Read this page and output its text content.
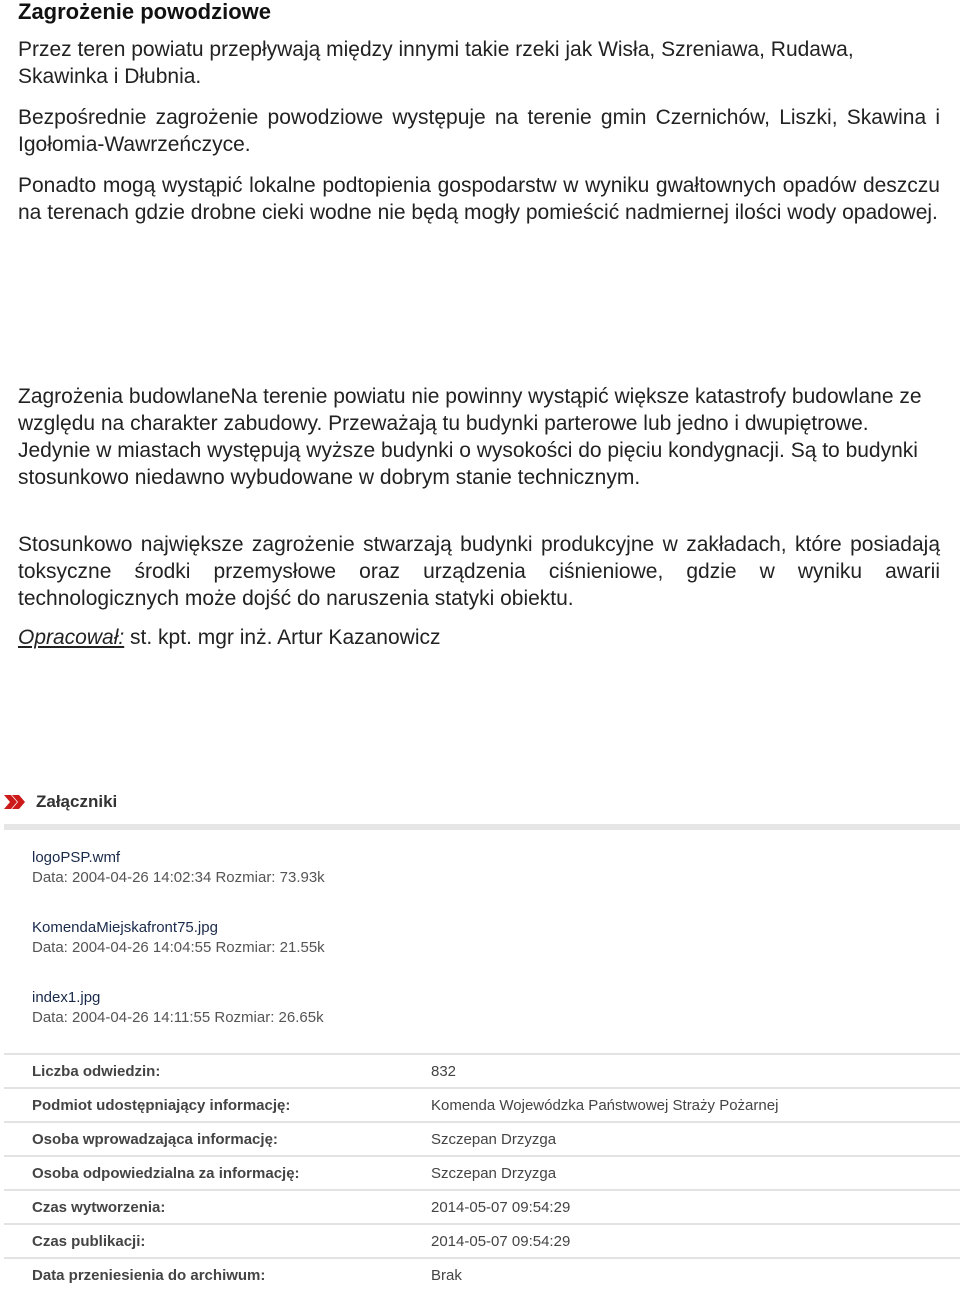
Zagrożenie powodziowe

Przez teren powiatu przepływają między innymi takie rzeki jak Wisła, Szreniawa, Rudawa, Skawinka i Dłubnia.

Bezpośrednie zagrożenie powodziowe występuje na terenie gmin Czernichów, Liszki, Skawina i Igołomia-Wawrzeńczyce.

Ponadto mogą wystąpić lokalne podtopienia gospodarstw w wyniku gwałtownych opadów deszczu na terenach gdzie drobne cieki wodne nie będą mogły pomieścić nadmiernej ilości wody opadowej.

Zagrożenia budowlaneNa terenie powiatu nie powinny wystąpić większe katastrofy budowlane ze względu na charakter zabudowy. Przeważają tu budynki parterowe lub jedno i dwupiętrowe. Jedynie w miastach występują wyższe budynki o wysokości do pięciu kondygnacji. Są to budynki stosunkowo niedawno wybudowane w dobrym stanie technicznym.

Stosunkowo największe zagrożenie stwarzają budynki produkcyjne w zakładach, które posiadają toksyczne środki przemysłowe oraz urządzenia ciśnieniowe, gdzie w wyniku awarii technologicznych może dojść do naruszenia statyki obiektu.

Opracował: st. kpt. mgr inż. Artur Kazanowicz
Załączniki
logoPSP.wmf
Data: 2004-04-26 14:02:34 Rozmiar: 73.93k
KomendaMiejskafront75.jpg
Data: 2004-04-26 14:04:55 Rozmiar: 21.55k
index1.jpg
Data: 2004-04-26 14:11:55 Rozmiar: 26.65k
Liczba odwiedzin:	832
Podmiot udostępniający informację:	Komenda Wojewódzka Państwowej Straży Pożarnej
Osoba wprowadzająca informację:	Szczepan Drzyzga
Osoba odpowiedzialna za informację:	Szczepan Drzyzga
Czas wytworzenia:	2014-05-07 09:54:29
Czas publikacji:	2014-05-07 09:54:29
Data przeniesienia do archiwum:	Brak
